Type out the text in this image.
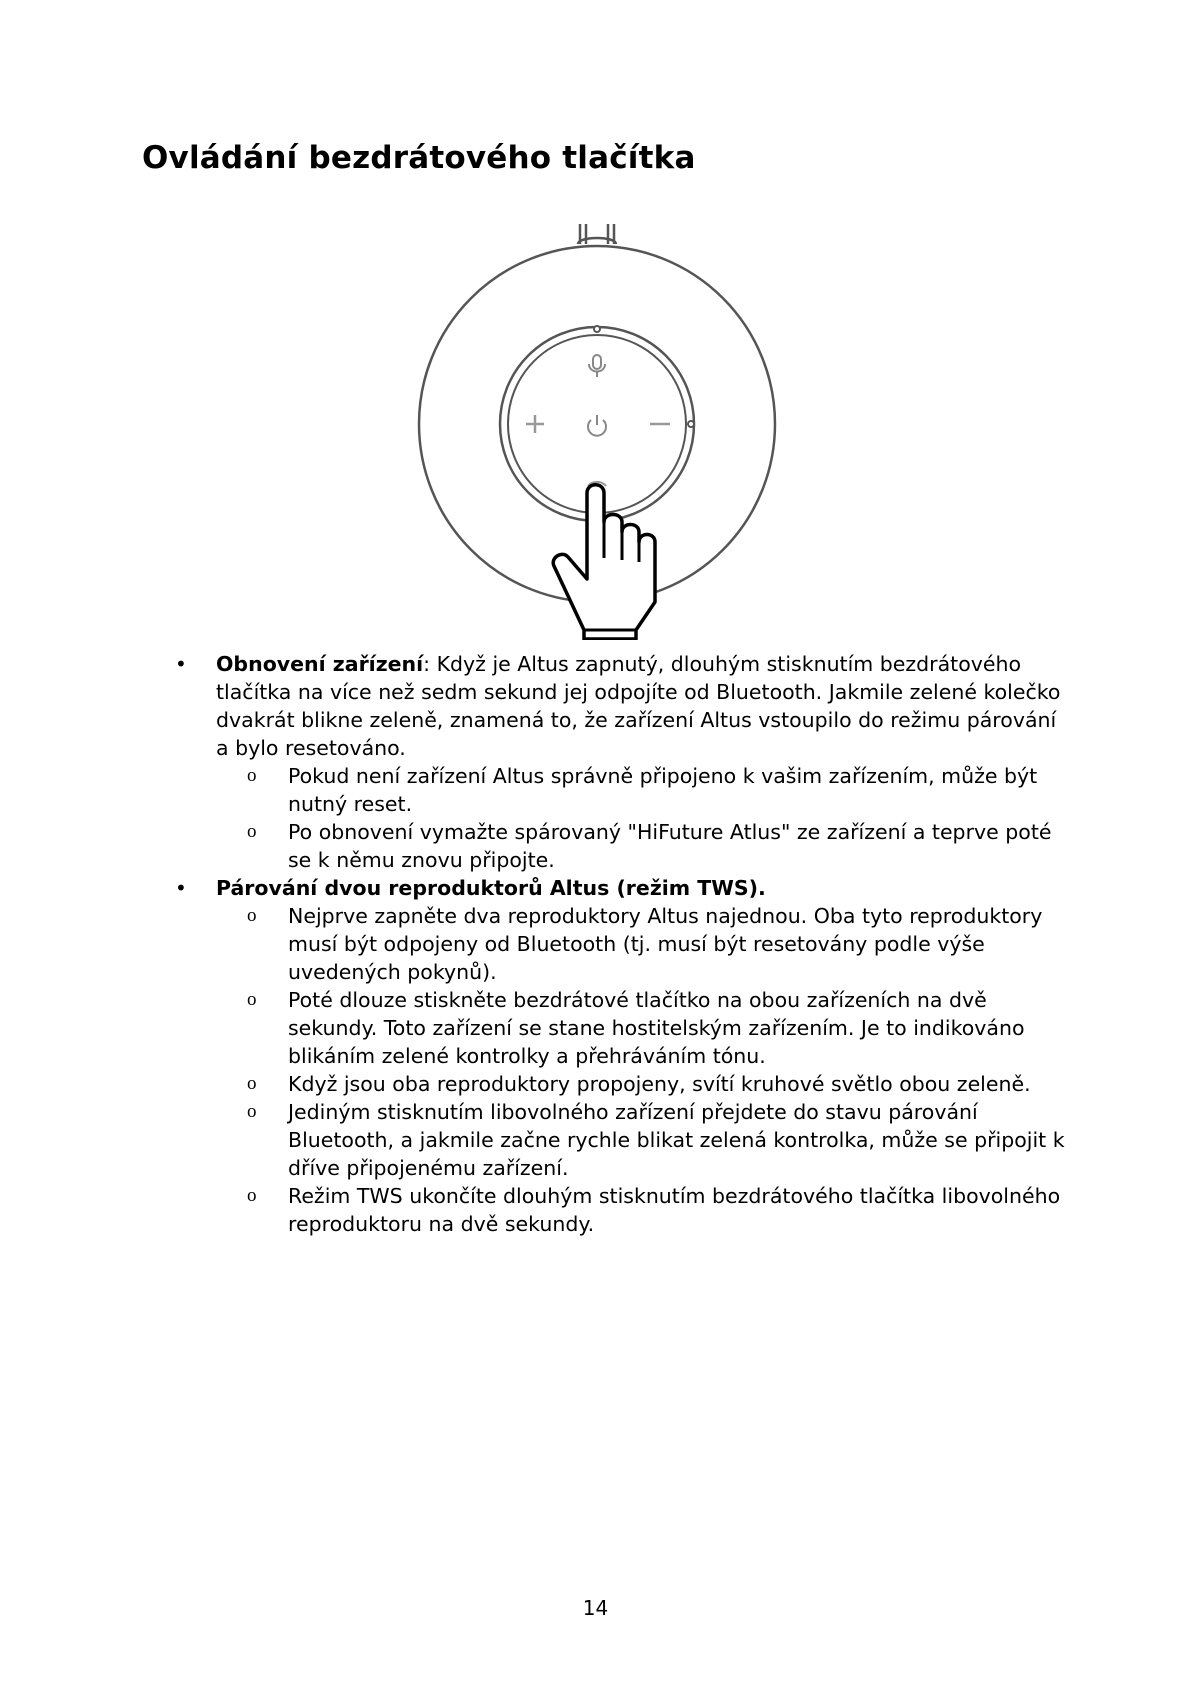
Ovládání bezdrátového tlačítka
• Obnovení zařízení: Když je Altus zapnutý, dlouhým stisknutím bezdrátového tlačítka na více než sedm sekund jej odpojíte od Bluetooth. Jakmile zelené kolečko dvakrát blikne zeleně, znamená to, že zařízení Altus vstoupilo do režimu párování a bylo resetováno.
o Pokud není zařízení Altus správně připojeno k vašim zařízením, může být nutný reset.
o Po obnovení vymažte spárovaný "HiFuture Atlus" ze zařízení a teprve poté se k němu znovu připojte.
• Párování dvou reproduktorů Altus (režim TWS).
o Nejprve zapněte dva reproduktory Altus najednou. Oba tyto reproduktory musí být odpojeny od Bluetooth (tj. musí být resetovány podle výše uvedených pokynů).
o Poté dlouze stiskněte bezdrátové tlačítko na obou zařízeních na dvě sekundy. Toto zařízení se stane hostitelským zařízením. Je to indikováno blikáním zelené kontrolky a přehráváním tónu.
o Když jsou oba reproduktory propojeny, svítí kruhové světlo obou zeleně.
o Jediným stisknutím libovolného zařízení přejdete do stavu párování Bluetooth, a jakmile začne rychle blikat zelená kontrolka, může se připojit k dříve připojenému zařízení.
o Režim TWS ukončíte dlouhým stisknutím bezdrátového tlačítka libovolného reproduktoru na dvě sekundy.
14
